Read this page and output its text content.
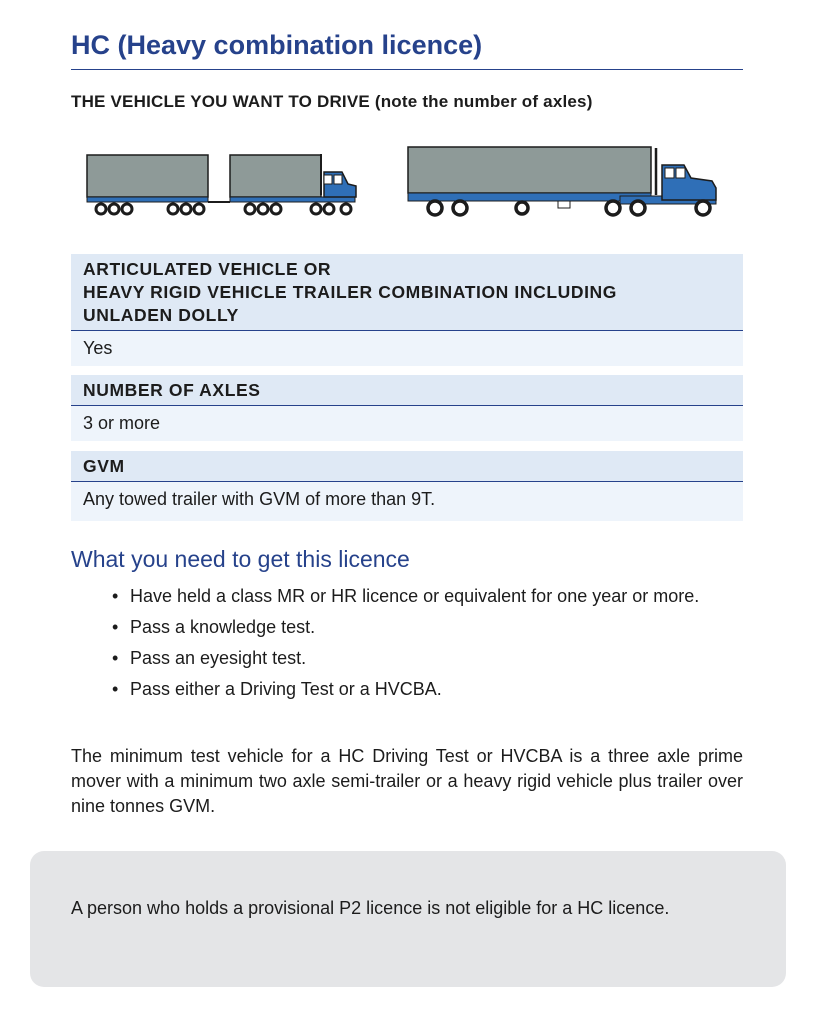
HC (Heavy combination licence)
THE VEHICLE YOU WANT TO DRIVE (note the number of axles)
ARTICULATED VEHICLE OR
HEAVY RIGID VEHICLE TRAILER COMBINATION INCLUDING
UNLADEN DOLLY
Yes
NUMBER OF AXLES
3 or more
GVM
Any towed trailer with GVM of more than 9T.
What you need to get this licence
• Have held a class MR or HR licence or equivalent for one year or more.
• Pass a knowledge test.
• Pass an eyesight test.
• Pass either a Driving Test or a HVCBA.
The minimum test vehicle for a HC Driving Test or HVCBA is a three axle prime mover with a minimum two axle semi-trailer or a heavy rigid vehicle plus trailer over nine tonnes GVM.
A person who holds a provisional P2 licence is not eligible for a HC licence.
